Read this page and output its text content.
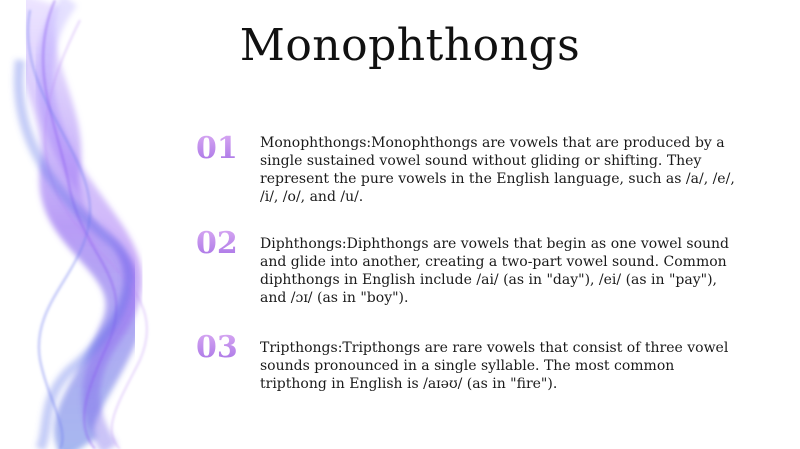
Monophthongs
01	Monophthongs:Monophthongs are vowels that are produced by a single sustained vowel sound without gliding or shifting. They represent the pure vowels in the English language, such as /a/, /e/, /i/, /o/, and /u/.
02	Diphthongs:Diphthongs are vowels that begin as one vowel sound and glide into another, creating a two-part vowel sound. Common diphthongs in English include /ai/ (as in "day"), /ei/ (as in "pay"), and /ɔɪ/ (as in "boy").
03	Tripthongs:Tripthongs are rare vowels that consist of three vowel sounds pronounced in a single syllable. The most common tripthong in English is /aɪəʊ/ (as in "fire").
